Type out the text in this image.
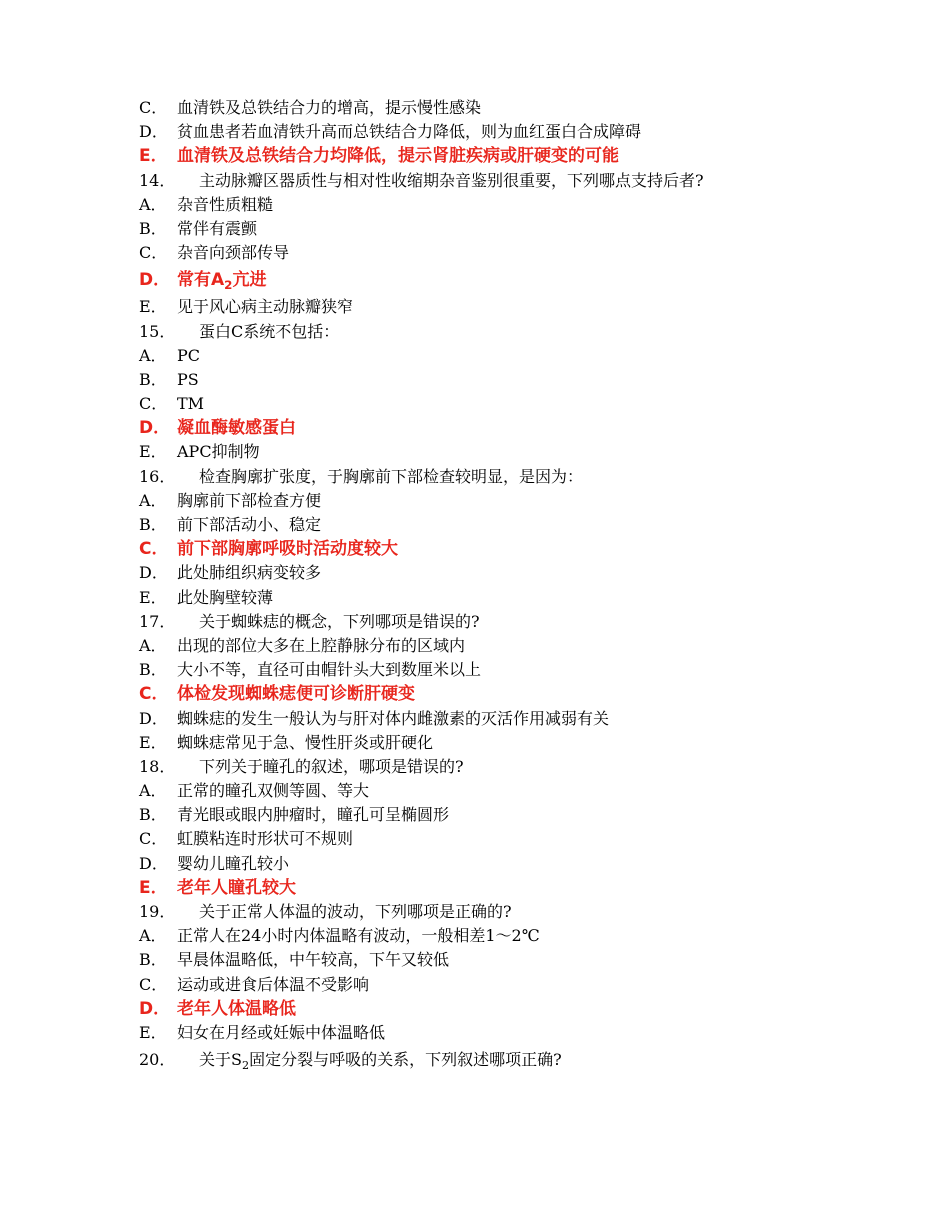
C． 血清铁及总铁结合力的增高，提示慢性感染
D． 贫血患者若血清铁升高而总铁结合力降低，则为血红蛋白合成障碍
E． 血清铁及总铁结合力均降低，提示肾脏疾病或肝硬变的可能
14．	主动脉瓣区器质性与相对性收缩期杂音鉴别很重要，下列哪点支持后者?
A． 杂音性质粗糙
B． 常伴有震颤
C． 杂音向颈部传导
D． 常有$A_2$亢进
E． 见于风心病主动脉瓣狭窄
15．	蛋白C系统不包括：
A． PC
B． PS
C． TM
D． 凝血酶敏感蛋白
E． APC抑制物
16．	检查胸廓扩张度，于胸廓前下部检查较明显，是因为：
A． 胸廓前下部检查方便
B． 前下部活动小、稳定
C． 前下部胸廓呼吸时活动度较大
D． 此处肺组织病变较多
E． 此处胸壁较薄
17．	关于蜘蛛痣的概念，下列哪项是错误的?
A． 出现的部位大多在上腔静脉分布的区域内
B． 大小不等，直径可由帽针头大到数厘米以上
C． 体检发现蜘蛛痣便可诊断肝硬变
D． 蜘蛛痣的发生一般认为与肝对体内雌激素的灭活作用减弱有关
E． 蜘蛛痣常见于急、慢性肝炎或肝硬化
18．	下列关于瞳孔的叙述，哪项是错误的?
A． 正常的瞳孔双侧等圆、等大
B． 青光眼或眼内肿瘤时，瞳孔可呈椭圆形
C． 虹膜粘连时形状可不规则
D． 婴幼儿瞳孔较小
E． 老年人瞳孔较大
19．	关于正常人体温的波动，下列哪项是正确的?
A． 正常人在24小时内体温略有波动，一般相差1～2℃
B． 早晨体温略低，中午较高，下午又较低
C． 运动或进食后体温不受影响
D． 老年人体温略低
E． 妇女在月经或妊娠中体温略低
20．	关于$S_2$固定分裂与呼吸的关系，下列叙述哪项正确?
